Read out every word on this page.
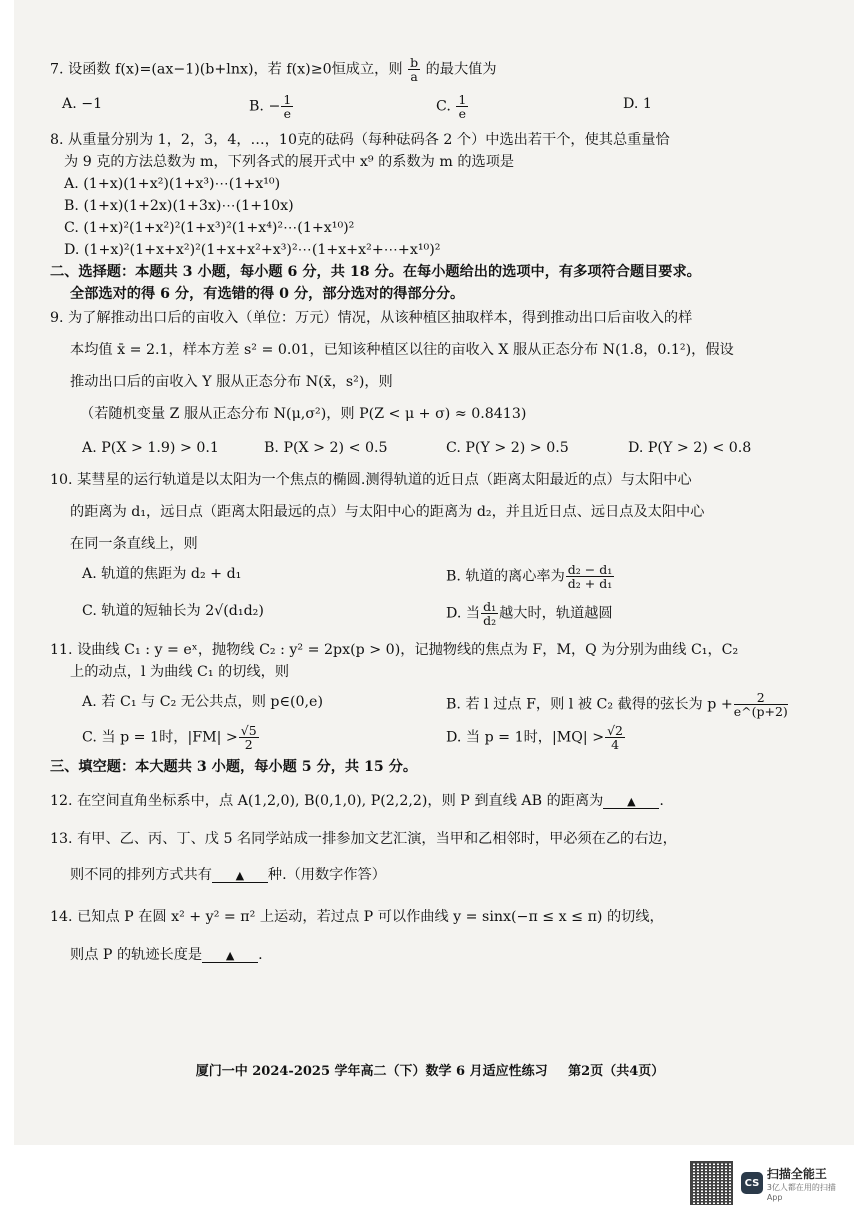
7. 设函数 f(x)=(ax−1)(b+lnx)，若 f(x)≥0恒成立，则 $\frac{b}{a}$ 的最大值为

A. −1	B. − $\frac{1}{e}$	C. $\frac{1}{e}$	D. 1

8. 从重量分别为 1，2，3，4，…，10克的砝码（每种砝码各 2 个）中选出若干个，使其总重量恰

为 9 克的方法总数为 m，下列各式的展开式中 x⁹ 的系数为 m 的选项是

A. (1+x)(1+x²)(1+x³)⋯(1+x¹⁰)

B. (1+x)(1+2x)(1+3x)⋯(1+10x)

C. (1+x)²(1+x²)²(1+x³)²(1+x⁴)²⋯(1+x¹⁰)²

D. (1+x)²(1+x+x²)²(1+x+x²+x³)²⋯(1+x+x²+⋯+x¹⁰)²

二、选择题：本题共 3 小题，每小题 6 分，共 18 分。在每小题给出的选项中，有多项符合题目要求。

全部选对的得 6 分，有选错的得 0 分，部分选对的得部分分。

9. 为了解推动出口后的亩收入（单位：万元）情况，从该种植区抽取样本，得到推动出口后亩收入的样

本均值 x̄ = 2.1，样本方差 s² = 0.01，已知该种植区以往的亩收入 X 服从正态分布 N(1.8，0.1²)，假设

推动出口后的亩收入 Y 服从正态分布 N(x̄，s²)，则

（若随机变量 Z 服从正态分布 N(μ,σ²)，则 P(Z < μ + σ) ≈ 0.8413)

A. P(X > 1.9) > 0.1	B. P(X > 2) < 0.5	C. P(Y > 2) > 0.5	D. P(Y > 2) < 0.8

10. 某彗星的运行轨道是以太阳为一个焦点的椭圆.测得轨道的近日点（距离太阳最近的点）与太阳中心

的距离为 d₁，远日点（距离太阳最远的点）与太阳中心的距离为 d₂，并且近日点、远日点及太阳中心

在同一条直线上，则

A. 轨道的焦距为 d₂ + d₁	B. 轨道的离心率为 $\frac{\text{d₂ − d₁}}{\text{d₂ + d₁}}$
C. 轨道的短轴长为 2√(d₁d₂)	D. 当 $\frac{\text{d₁}}{\text{d₂}}$ 越大时，轨道越圆

11. 设曲线 C₁ : y = eˣ，抛物线 C₂ : y² = 2px(p > 0)，记抛物线的焦点为 F，M，Q 为分别为曲线 C₁，C₂

上的动点，l 为曲线 C₁ 的切线，则

A. 若 C₁ 与 C₂ 无公共点，则 p∈(0,e)	B. 若 l 过点 F，则 l 被 C₂ 截得的弦长为 $p + \frac{2}{e\^{}(p+2)}$
C. 当 p = 1时，$|FM| > \frac{√5}{2}$	D. 当 p = 1时，$|MQ| > \frac{√2}{4}$

三、填空题：本大题共 3 小题，每小题 5 分，共 15 分。

12. 在空间直角坐标系中，点 A(1,2,0), B(0,1,0), P(2,2,2)，则 P 到直线 AB 的距离为 ▲ .

13. 有甲、乙、丙、丁、戊 5 名同学站成一排参加文艺汇演，当甲和乙相邻时，甲必须在乙的右边，

则不同的排列方式共有 ▲ 种.（用数字作答）

14. 已知点 P 在圆 x² + y² = π² 上运动，若过点 P 可以作曲线 y = sinx(−π ≤ x ≤ π) 的切线，

则点 P 的轨迹长度是 ▲ .

厦门一中 2024-2025 学年高二（下）数学 6 月适应性练习 第2页（共4页）
CS
扫描全能王
3亿人都在用的扫描App
